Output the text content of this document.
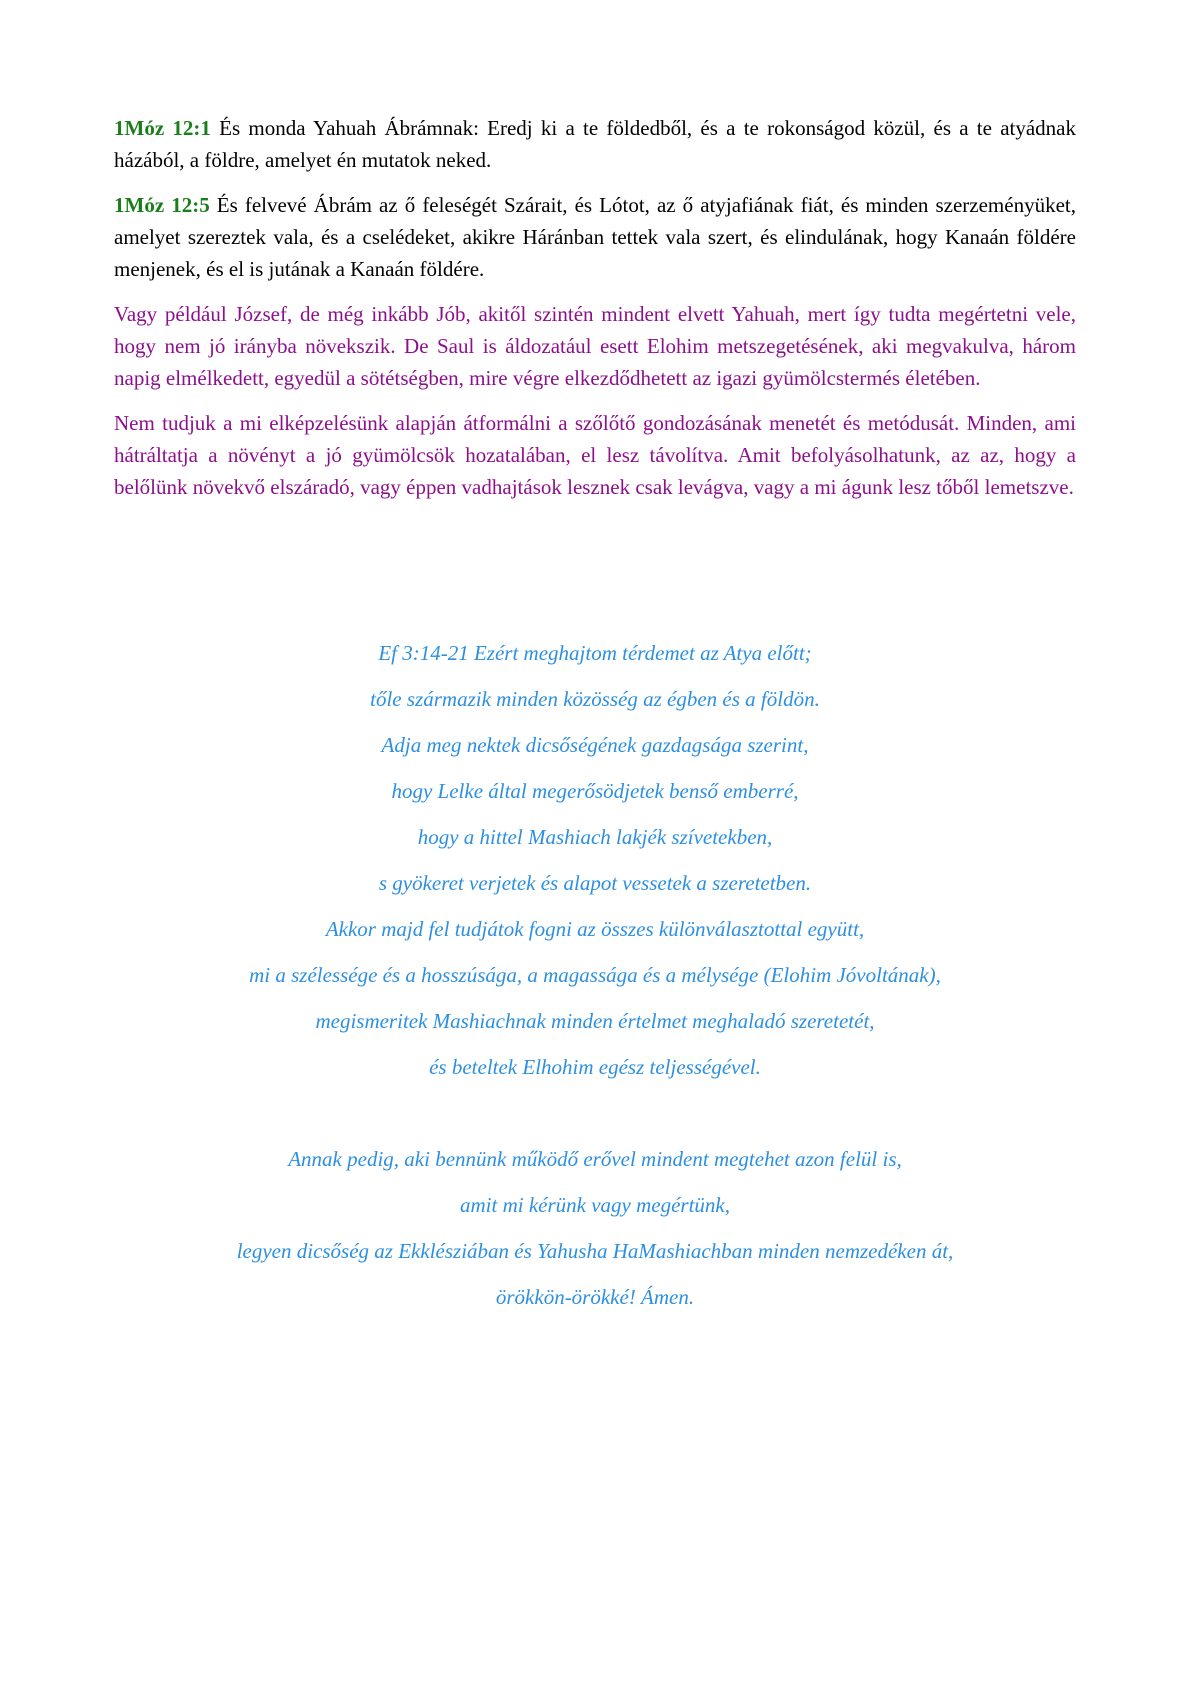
1Móz 12:1 És monda Yahuah Ábrámnak: Eredj ki a te földedből, és a te rokonságod közül, és a te atyádnak házából, a földre, amelyet én mutatok neked.

1Móz 12:5 És felvevé Ábrám az ő feleségét Szárait, és Lótot, az ő atyjafiának fiát, és minden szerzeményüket, amelyet szereztek vala, és a cselédeket, akikre Háránban tettek vala szert, és elindulának, hogy Kanaán földére menjenek, és el is jutának a Kanaán földére.

Vagy például József, de még inkább Jób, akitől szintén mindent elvett Yahuah, mert így tudta megértetni vele, hogy nem jó irányba növekszik. De Saul is áldozatául esett Elohim metszegetésének, aki megvakulva, három napig elmélkedett, egyedül a sötétségben, mire végre elkezdődhetett az igazi gyümölcstermés életében.

Nem tudjuk a mi elképzelésünk alapján átformálni a szőlőtő gondozásának menetét és metódusát. Minden, ami hátráltatja a növényt a jó gyümölcsök hozatalában, el lesz távolítva. Amit befolyásolhatunk, az az, hogy a belőlünk növekvő elszáradó, vagy éppen vadhajtások lesznek csak levágva, vagy a mi águnk lesz tőből lemetszve.

Ef 3:14-21 Ezért meghajtom térdemet az Atya előtt;
tőle származik minden közösség az égben és a földön.
Adja meg nektek dicsőségének gazdagsága szerint,
hogy Lelke által megerősödjetek benső emberré,
hogy a hittel Mashiach lakjék szívetekben,
s gyökeret verjetek és alapot vessetek a szeretetben.
Akkor majd fel tudjátok fogni az összes különválasztottal együtt,
mi a szélessége és a hosszúsága, a magassága és a mélysége (Elohim Jóvoltának),
megismeritek Mashiachnak minden értelmet meghaladó szeretetét,
és beteltek Elhohim egész teljességével.
Annak pedig, aki bennünk működő erővel mindent megtehet azon felül is,
amit mi kérünk vagy megértünk,
legyen dicsőség az Ekklésziában és Yahusha HaMashiachban minden nemzedéken át,
örökkön-örökké! Ámen.
